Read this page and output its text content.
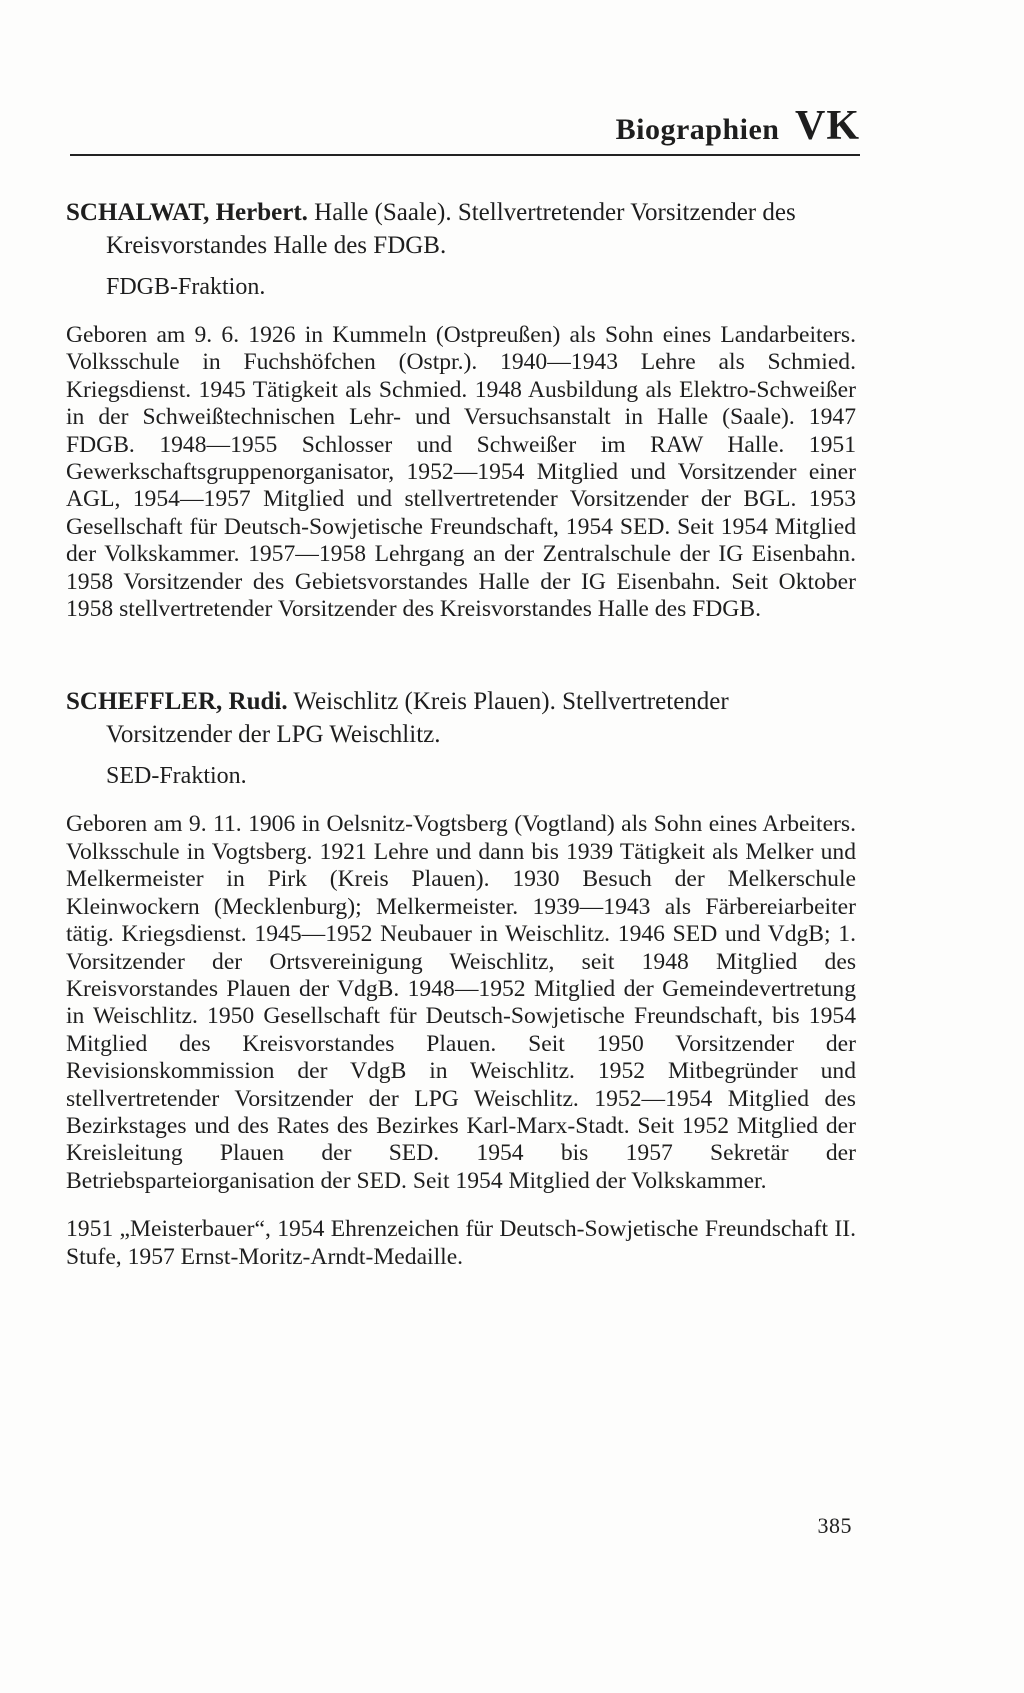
Biographien VK

SCHALWAT, Herbert. Halle (Saale). Stellvertretender Vorsitzender des Kreisvorstandes Halle des FDGB.

FDGB-Fraktion.

Geboren am 9. 6. 1926 in Kummeln (Ostpreußen) als Sohn eines Landarbeiters. Volksschule in Fuchshöfchen (Ostpr.). 1940—1943 Lehre als Schmied. Kriegsdienst. 1945 Tätigkeit als Schmied. 1948 Ausbildung als Elektro-Schweißer in der Schweißtechnischen Lehr- und Versuchsanstalt in Halle (Saale). 1947 FDGB. 1948—1955 Schlosser und Schweißer im RAW Halle. 1951 Gewerkschaftsgruppenorganisator, 1952—1954 Mitglied und Vorsitzender einer AGL, 1954—1957 Mitglied und stellvertretender Vorsitzender der BGL. 1953 Gesellschaft für Deutsch-Sowjetische Freundschaft, 1954 SED. Seit 1954 Mitglied der Volkskammer. 1957—1958 Lehrgang an der Zentralschule der IG Eisenbahn. 1958 Vorsitzender des Gebietsvorstandes Halle der IG Eisenbahn. Seit Oktober 1958 stellvertretender Vorsitzender des Kreisvorstandes Halle des FDGB.

SCHEFFLER, Rudi. Weischlitz (Kreis Plauen). Stellvertretender Vorsitzender der LPG Weischlitz.

SED-Fraktion.

Geboren am 9. 11. 1906 in Oelsnitz-Vogtsberg (Vogtland) als Sohn eines Arbeiters. Volksschule in Vogtsberg. 1921 Lehre und dann bis 1939 Tätigkeit als Melker und Melkermeister in Pirk (Kreis Plauen). 1930 Besuch der Melkerschule Kleinwockern (Mecklenburg); Melkermeister. 1939—1943 als Färbereiarbeiter tätig. Kriegsdienst. 1945—1952 Neubauer in Weischlitz. 1946 SED und VdgB; 1. Vorsitzender der Ortsvereinigung Weischlitz, seit 1948 Mitglied des Kreisvorstandes Plauen der VdgB. 1948—1952 Mitglied der Gemeindevertretung in Weischlitz. 1950 Gesellschaft für Deutsch-Sowjetische Freundschaft, bis 1954 Mitglied des Kreisvorstandes Plauen. Seit 1950 Vorsitzender der Revisionskommission der VdgB in Weischlitz. 1952 Mitbegründer und stellvertretender Vorsitzender der LPG Weischlitz. 1952—1954 Mitglied des Bezirkstages und des Rates des Bezirkes Karl-Marx-Stadt. Seit 1952 Mitglied der Kreisleitung Plauen der SED. 1954 bis 1957 Sekretär der Betriebsparteiorganisation der SED. Seit 1954 Mitglied der Volkskammer.

1951 „Meisterbauer“, 1954 Ehrenzeichen für Deutsch-Sowjetische Freundschaft II. Stufe, 1957 Ernst-Moritz-Arndt-Medaille.

385
